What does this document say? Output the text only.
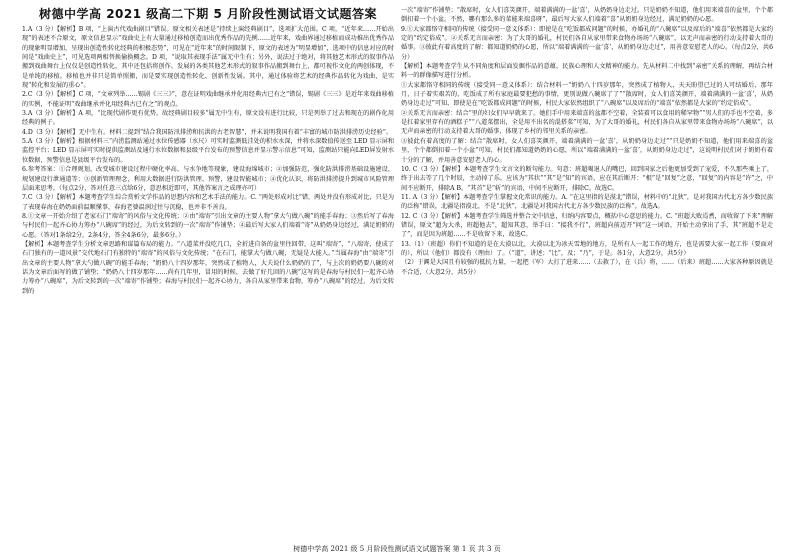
树德中学高 2021 级高二下期 5 月阶段性测试语文试题答案

1.A（3 分）【解析】B 项，“上演古代戏曲剧目”错误。原文相关表述是“持续上演经典剧目”，选项扩大范围。C 项，“近年来……开始出现”的表述不合原文，原文信息显示“戏曲史上有大量通过移植创造而出优秀作品的先例……近年来，戏曲界通过移植而成功推出优秀作品的现象明显增加，呈现出创造性转化经典的积极态势”，可见在“近年来”的时间限制下，原文的表述为“明显增加”，选项中的信息对应的时间是“戏曲史上”，可见选项两相替换偷换概念。D 项，“说取其表现手法”属无中生有；另外，说法过于绝对，将其他艺术形式的叙事作品搬到戏曲舞台上仅仅是创造性转化，其中还包括将创作、发展的各类其他艺术形式的叙事作品搬到舞台上，都可视作文化的两创体现，不是单纯的移植。移植也并非只是简单照搬，而是要实现创造性转化、创新性发展。其中，通过体验将艺术的经典作品转化为戏曲，是实现“转化和发展的重心”。

2.C（3 分）【解析】C 项，“文章列举……锡剧《三三》”，意在证明戏曲继承并化用经典古已有之”错误，锡剧《三三》是近年来戏曲移植的实例，不能证明“戏曲继承并化用经典古已有之”的观点。

3.A（3 分）【解析】A 项，“比现代剧作更有优势，故经典剧目较多”属无中生有，原文没有进行比较，只是列举了过去和现在的剧作化用经典的例子。

4.D（3 分）【解析】无中生有。材料二提到“结合我国防汛排涝和抗洪的古老智慧”，并未说明我国有着“丰富的城市防洪排涝历史经验”。

5.A（3 分）【解析】根据材料三“内涝监测站通过水位传感器（水尺）可实时监测低洼处的积水水深，并将水深数值传送至 LED 显示屏和监控平台；LED 显示屏可实时提供监测站及通行水位数据和县级平台发布的预警信息并显示警示信息”可知，监测站只能向LED屏发射水位数据，预警信息是县级平台发布的。

6.参考答案：①合理规划，改变城市建设过程中硬化率高、与水争地等现象，建设海绵城市；②加强防范，强化防洪排涝基础设施建设，规划建设行泄通道等；③创新管理理念，利用大数据进行防洪管理、预警，建设智能城市；④优化认识，将防洪排涝提升到城市风险管理层面来思考。（每点2分，答对任意三点给6分，意思相近即可，其他答案言之成理亦可）

7.C（3 分）【解析】本题考查学生综合赏析文学作品的思想内容和艺术手法的能力。C. “两处形成对比”错，两处并没有形成对比，只是为了表现春海在奶奶面前温顺懂事，春海老婆温润过往与沉稳，也并非不善良。

8.①文章一开始介绍了老家石门“端寄”的风俗与文化传统；②由“端寄”引出文章的主要人物“拿大勺做八碗”的能手春海；③然后写了春海与村民们一起齐心协力筹办“八碗席”的经过，为后文转到的一次“端寄”作铺垫；④最后写大家人们端着“寄”从奶奶身边经过，满足奶奶的心愿。（答对1条给2分，2条4分，答全4条6分，最多6分。）

【解析】本题考查学生分析文章思路和谋篇布局的能力。“八道菜并没吃几口，全折进自备的盆里往回带，这叫“端寄”，“八端寄，使成了石门独有的一道风景”交代地石门有独特的“端寄”的风俗与文化传统；“在石门，能掌大勺做八碗，无疑是大能人。”当属春海“由“端寄”引出文章的主要人物“拿大勺做八碗”的能手春海；“奶奶八十四岁那年，突然成了植物人，大夫说什么奶奶的了”，与上次的奶奶要八碗的对话为文章后面写的做了铺垫；“奶奶八十四岁那年……尚有几年里，冒用的时候，去做了好几回的八碗”这写的是春海与村民们一起齐心协力筹办“八碗席”，为后文转到的一次“端寄”作铺垫；春海与村民们一起齐心协力，各自从家里带来食物，筹办“八碗席”的经过，为后文转到的

一次“端寄”作铺垫；“散席时，女人们喜笑颜开，端着满满的一盆‘喜’，从奶奶身边走过。只是奶奶不知道，他们用来端喜的盆里，个个都倒扣着一个小盆。不然，哪有那么多的菜能来端喜呀”，最后写大家人们端着“喜”从奶奶身边经过，满足奶奶的心愿。

9.①大家都恪守相同的传统（接受同一意义体系）：即使是在“吃饭都成问题”的时候，办婚礼的“八碗席”以及席后的“端喜”依然都是大家约定的“约定俗成”。②关系无言而亲密：为了大哥的婚礼，村民们各自从家里带来食物办场场“八碗席”，以无声而亲密的行动支持着大哥的婚事。③彼此有着高度的了解：都知道奶奶的心愿，所以“端着满满的一盆‘喜’，从奶奶身边走过”，用善意安慰老人的心。（每点2分，共6分）

【解析】本题考查学生从不同角度和层面发掘作品的意蕴、民族心理和人文精神的能力。先从材料二中找到“亲密”关系的理解，再结合材料一的群像描写进行分析。

①大家都恪守相同的传统（接受同一意义体系）：结合材料一“奶奶八十四岁那年，突然成了植物人，天天盼望已过的人可结婚后，那年月，日子着实艰苦的，吃饭成了所有家庭最要犯愁的事情，更别说做八碗席了了”“散席时，女人们喜笑颜开，端着满满的一盆‘喜’，从奶奶身边走过”可知，即使是在“吃饭都成问题”的时候，村民大家依然组织了“八碗席”以及席后的“端喜”依然都是大家的“约定俗成”。

②关系无言而亲密：结合“里的妇女们早早就来了。她们手中用来端喜的盆都不空着，全装着可以食用的稀罕物”“男人们的手也不空着，多是扛着家里存有的酒糕子”“八道菜摆出，全是用不出名的混搭菜”可知，为了大哥的婚礼，村民们各自从家里带来食物办场场“八碗席”，以无声而亲密的行动支持着大哥的婚事，体现了乡村的邻里关系的亲密。

③彼此有着高度的了解：结合“散席时，女人们喜笑颜开，端着满满的一盆‘喜’，从奶奶身边走过”“只是奶奶不知道，他们用来端喜的盆里，个个都倒扣着一个小盆”可知，村民们都知道奶奶的心愿，所以“端着满满的一盆‘喜’，从奶奶身边走过”，这说明村民们对于奶奶有着十分的了解，并用善意安慰老人的心。

10. C（3 分）【解析】本题考查学生文言文的断句能力。句意：班超喝退人的嘴巴，回到国家之后他更加受到了宠爱，不久那些乘上了，终于出去等了几个时辰，主动掉了乐。应该为“其状”“其”是“知”的宾语，应在其后断开：“根”是“回复”之意，“回复”的内容是“许”之，中间不应断开，排除A B。“其首”是“斩”的宾语，中间不应断开，排除C。故选C。

11. A（3 分）【解析】本题考查学生掌握文化常识的能力。A. “在这里指的是漠北”错误，材料中的“北狄”，是对我国古代北方各少数民族的泛称“错误，北疆是指漠北，不是“北狄”，北疆是对我国古代北方各少数民族的泛称”。故选A。

12. C（3 分）【解析】本题考查学生筛选并整合文中信息，归纳内容要点，概括中心意思的能力。C. “班超大败焉耆，而收留了下来”理解错误，原文“超为大杀，班超他去”，超知其意，举手曰：“接我不行”，班超向前迈开“问”这一词语，开始主动拿出了手，其“班超不是走了”，而是因为班超……不是收留下来，故选C。

13.（1）（班超）你们不知道的是在大漠以北，大漠以北为冰天雪地的地方，是所有人一起工作的地方，也是需要大家一起工作（要面对的），所以（他们）都没有（理由）了。（“道”，讲述；“比”，及；“乃”，于是。各1分，大意2分，共5分）

（2）于阗是大国且有较强的抵抗力量，一起把（军）大打了进来……（去救了），在（兵）将，……（后来）班超……大家各种原因就是不合适，（大意2分，共5分）

树德中学高 2021 级 5 月阶段性测试语文试题答案 第 1 页 共 3 页
